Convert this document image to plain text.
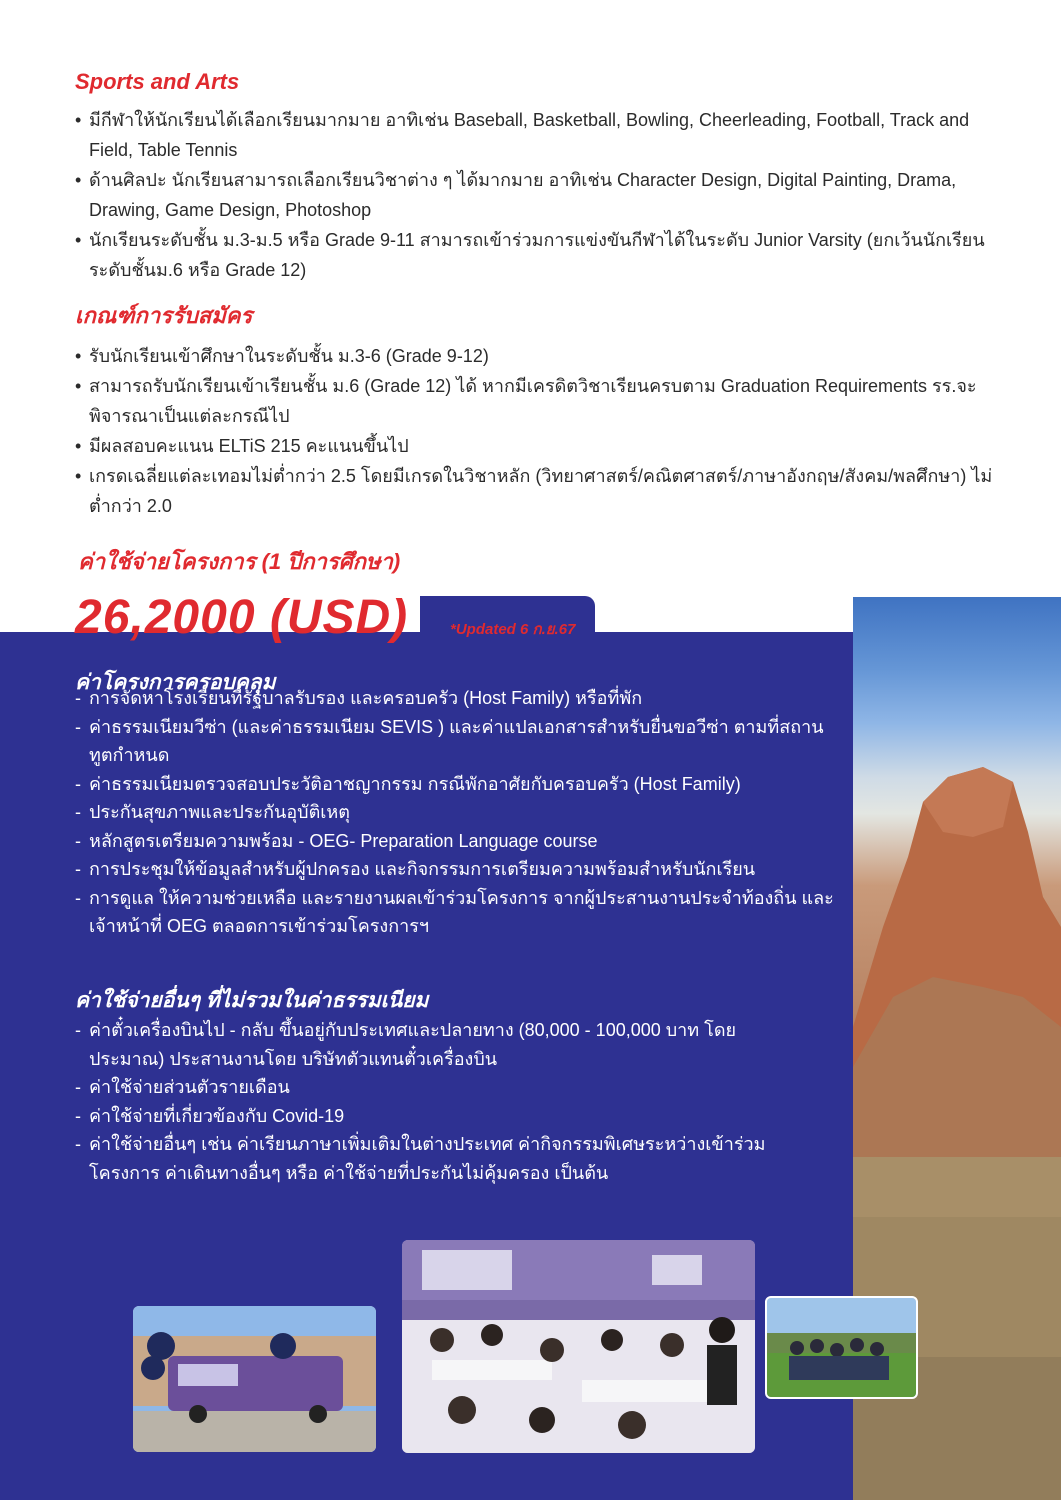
Sports and Arts
• มีกีฬาให้นักเรียนได้เลือกเรียนมากมาย อาทิเช่น Baseball, Basketball, Bowling, Cheerleading, Football, Track and Field, Table Tennis
• ด้านศิลปะ นักเรียนสามารถเลือกเรียนวิชาต่าง ๆ ได้มากมาย อาทิเช่น Character Design, Digital Painting, Drama, Drawing, Game Design, Photoshop
• นักเรียนระดับชั้น ม.3-ม.5 หรือ Grade 9-11 สามารถเข้าร่วมการแข่งขันกีฬาได้ในระดับ Junior Varsity (ยกเว้นนักเรียนระดับชั้นม.6 หรือ Grade 12)
เกณฑ์การรับสมัคร
• รับนักเรียนเข้าศึกษาในระดับชั้น ม.3-6 (Grade 9-12)
• สามารถรับนักเรียนเข้าเรียนชั้น ม.6 (Grade 12) ได้ หากมีเครดิตวิชาเรียนครบตาม Graduation Requirements รร.จะพิจารณาเป็นแต่ละกรณีไป
• มีผลสอบคะแนน ELTiS 215 คะแนนขึ้นไป
• เกรดเฉลี่ยแต่ละเทอมไม่ต่ำกว่า 2.5 โดยมีเกรดในวิชาหลัก (วิทยาศาสตร์/คณิตศาสตร์/ภาษาอังกฤษ/สังคม/พลศึกษา) ไม่ต่ำกว่า 2.0
ค่าใช้จ่ายโครงการ (1 ปีการศึกษา)
26,2000 (USD)	*Updated 6 ก.ย.67
ค่าโครงการครอบคลุม
- การจัดหาโรงเรียนที่รัฐบาลรับรอง และครอบครัว (Host Family) หรือที่พัก
- ค่าธรรมเนียมวีซ่า (และค่าธรรมเนียม SEVIS ) และค่าแปลเอกสารสำหรับยื่นขอวีซ่า ตามที่สถานทูตกำหนด
- ค่าธรรมเนียมตรวจสอบประวัติอาชญากรรม กรณีพักอาศัยกับครอบครัว (Host Family)
- ประกันสุขภาพและประกันอุบัติเหตุ
- หลักสูตรเตรียมความพร้อม - OEG- Preparation Language course
- การประชุมให้ข้อมูลสำหรับผู้ปกครอง และกิจกรรมการเตรียมความพร้อมสำหรับนักเรียน
- การดูแล ให้ความช่วยเหลือ และรายงานผลเข้าร่วมโครงการ จากผู้ประสานงานประจำท้องถิ่น และเจ้าหน้าที่ OEG ตลอดการเข้าร่วมโครงการฯ
ค่าใช้จ่ายอื่นๆ ที่ไม่รวมในค่าธรรมเนียม
- ค่าตั๋วเครื่องบินไป - กลับ ขึ้นอยู่กับประเทศและปลายทาง (80,000 - 100,000 บาท โดยประมาณ) ประสานงานโดย บริษัทตัวแทนตั๋วเครื่องบิน
- ค่าใช้จ่ายส่วนตัวรายเดือน
- ค่าใช้จ่ายที่เกี่ยวข้องกับ Covid-19
- ค่าใช้จ่ายอื่นๆ เช่น ค่าเรียนภาษาเพิ่มเติมในต่างประเทศ ค่ากิจกรรมพิเศษระหว่างเข้าร่วมโครงการ ค่าเดินทางอื่นๆ หรือ ค่าใช้จ่ายที่ประกันไม่คุ้มครอง เป็นต้น
